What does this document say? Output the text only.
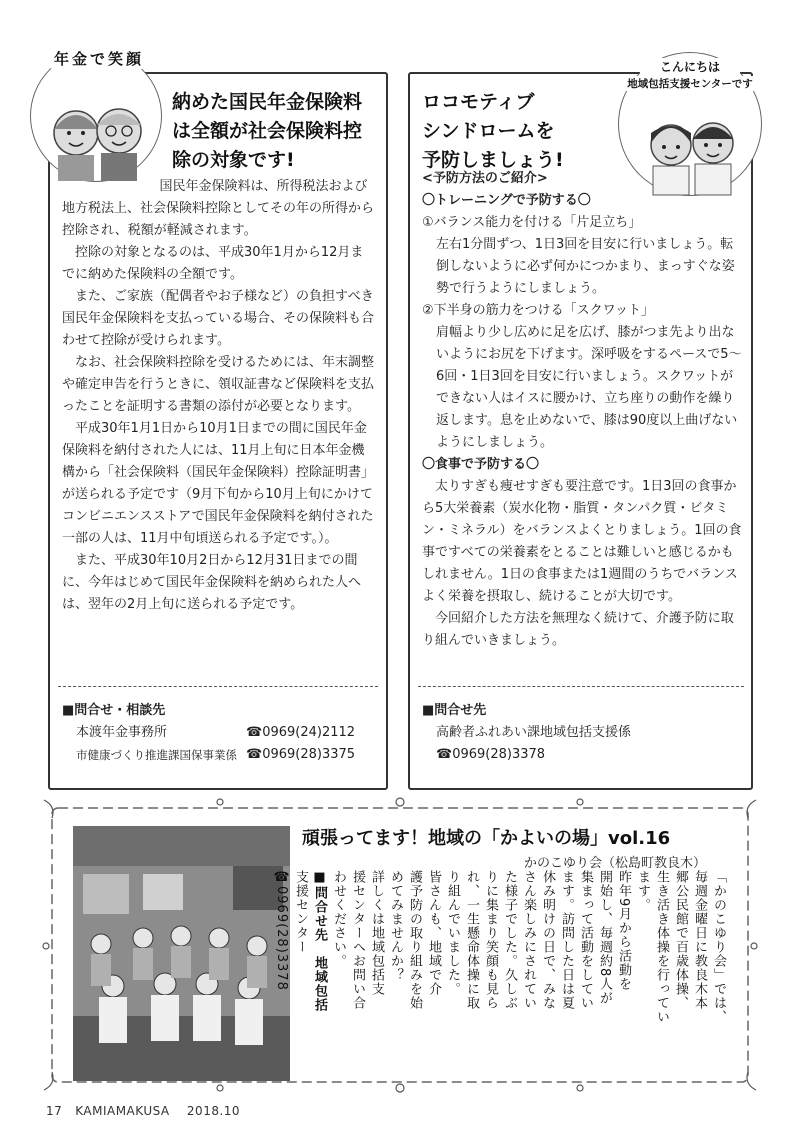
年金で笑顔
納めた国民年金保険料
は全額が社会保険料控
除の対象です!

国民年金保険料は、所得税法および地方税法上、社会保険料控除としてその年の所得から控除され、税額が軽減されます。

控除の対象となるのは、平成30年1月から12月までに納めた保険料の全額です。

また、ご家族（配偶者やお子様など）の負担すべき国民年金保険料を支払っている場合、その保険料も合わせて控除が受けられます。

なお、社会保険料控除を受けるためには、年末調整や確定申告を行うときに、領収証書など保険料を支払ったことを証明する書類の添付が必要となります。

平成30年1月1日から10月1日までの間に国民年金保険料を納付された人には、11月上旬に日本年金機構から「社会保険料（国民年金保険料）控除証明書」が送られる予定です（9月下旬から10月上旬にかけてコンビニエンスストアで国民年金保険料を納付された一部の人は、11月中旬頃送られる予定です。）。

また、平成30年10月2日から12月31日までの間に、今年はじめて国民年金保険料を納められた人へは、翌年の2月上旬に送られる予定です。

■問合せ・相談先
本渡年金事務所	☎0969(24)2112
市健康づくり推進課国保事業係 ☎0969(28)3375
こんにちは
地域包括支援センターです
ロコモティブ
シンドロームを
予防しましょう!
<予防方法のご紹介>
〇トレーニングで予防する〇
①バランス能力を付ける「片足立ち」
左右1分間ずつ、1日3回を目安に行いましょう。転倒しないように必ず何かにつかまり、まっすぐな姿勢で行うようにしましょう。
②下半身の筋力をつける「スクワット」
肩幅より少し広めに足を広げ、膝がつま先より出ないようにお尻を下げます。深呼吸をするペースで5～6回・1日3回を目安に行いましょう。スクワットができない人はイスに腰かけ、立ち座りの動作を繰り返します。息を止めないで、膝は90度以上曲げないようにしましょう。
〇食事で予防する〇

太りすぎも痩せすぎも要注意です。1日3回の食事から5大栄養素（炭水化物・脂質・タンパク質・ビタミン・ミネラル）をバランスよくとりましょう。1回の食事ですべての栄養素をとることは難しいと感じるかもしれません。1日の食事または1週間のうちでバランスよく栄養を摂取し、続けることが大切です。

今回紹介した方法を無理なく続けて、介護予防に取り組んでいきましょう。

■問合せ先
高齢者ふれあい課地域包括支援係
☎0969(28)3378
頑張ってます！地域の「かよいの場」vol.16
かのこゆり会（松島町教良木）
「かのこゆり会」では、
毎週金曜日に教良木本
郷公民館で百歳体操、
生き活き体操を行ってい
ます。
昨年9月から活動を
開始し、毎週約8人が
集まって活動をしてい
ます。訪問した日は夏
休み明けの日で、みな
さん楽しみにされてい
た様子でした。久しぶ
りに集まり笑顔も見ら
れ、一生懸命体操に取
り組んでいました。
皆さんも、地域で介
護予防の取り組みを始
めてみませんか？
詳しくは地域包括支
援センターへお問い合
わせください。
■問合せ先　地域包括
支援センター
☎0969(28)3378
17 KAMIAMAKUSA 2018.10
